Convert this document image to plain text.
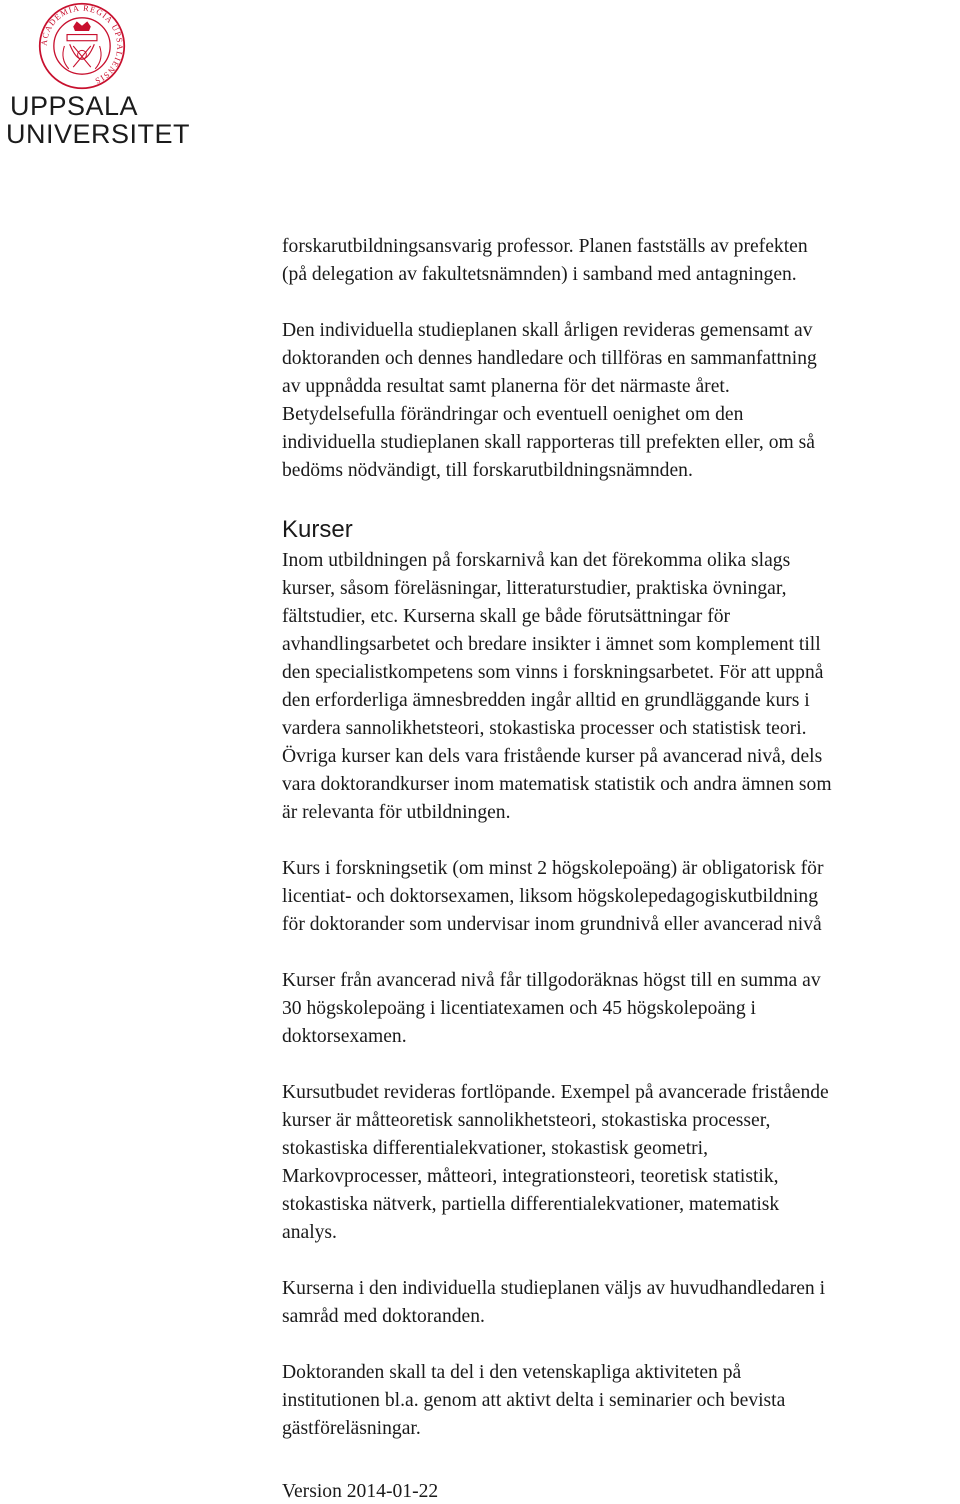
ACADEMIA REGIA UPSALIENSIS
UPPSALA
UNIVERSITET

forskarutbildningsansvarig professor. Planen fastställs av prefekten
(på delegation av fakultetsnämnden) i samband med antagningen.

Den individuella studieplanen skall årligen revideras gemensamt av
doktoranden och dennes handledare och tillföras en sammanfattning
av uppnådda resultat samt planerna för det närmaste året.
Betydelsefulla förändringar och eventuell oenighet om den
individuella studieplanen skall rapporteras till prefekten eller, om så
bedöms nödvändigt, till forskarutbildningsnämnden.

Kurser

Inom utbildningen på forskarnivå kan det förekomma olika slags
kurser, såsom föreläsningar, litteraturstudier, praktiska övningar,
fältstudier, etc. Kurserna skall ge både förutsättningar för
avhandlingsarbetet och bredare insikter i ämnet som komplement till
den specialistkompetens som vinns i forskningsarbetet. För att uppnå
den erforderliga ämnesbredden ingår alltid en grundläggande kurs i
vardera sannolikhetsteori, stokastiska processer och statistisk teori.
Övriga kurser kan dels vara fristående kurser på avancerad nivå, dels
vara doktorandkurser inom matematisk statistik och andra ämnen som
är relevanta för utbildningen.

Kurs i forskningsetik (om minst 2 högskolepoäng) är obligatorisk för
licentiat- och doktorsexamen, liksom högskolepedagogiskutbildning
för doktorander som undervisar inom grundnivå eller avancerad nivå

Kurser från avancerad nivå får tillgodoräknas högst till en summa av
30 högskolepoäng i licentiatexamen och 45 högskolepoäng i
doktorsexamen.

Kursutbudet revideras fortlöpande. Exempel på avancerade fristående
kurser är måtteoretisk sannolikhetsteori, stokastiska processer,
stokastiska differentialekvationer, stokastisk geometri,
Markovprocesser, måtteori, integrationsteori, teoretisk statistik,
stokastiska nätverk, partiella differentialekvationer, matematisk
analys.

Kurserna i den individuella studieplanen väljs av huvudhandledaren i
samråd med doktoranden.

Doktoranden skall ta del i den vetenskapliga aktiviteten på
institutionen bl.a. genom att aktivt delta i seminarier och bevista
gästföreläsningar.

Version 2014-01-22
